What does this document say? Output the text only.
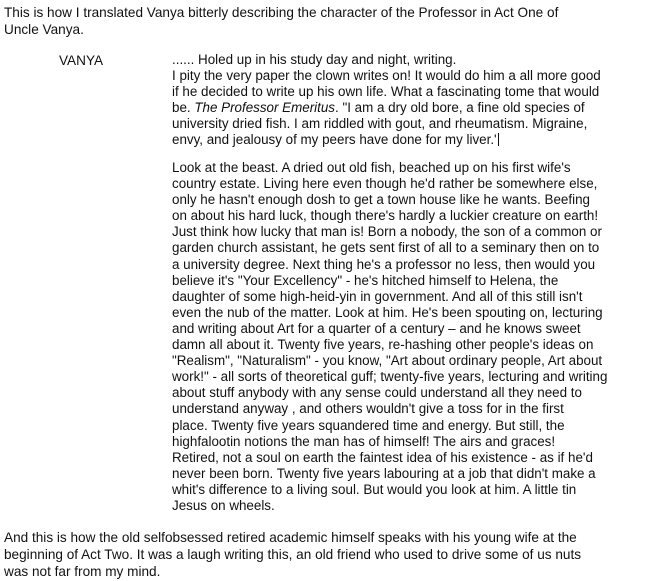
This is how I translated Vanya bitterly describing the character of the Professor in Act One of
Uncle Vanya.

VANYA	...... Holed up in his study day and night, writing.
I pity the very paper the clown writes on! It would do him a all more good
if he decided to write up his own life. What a fascinating tome that would
be. The Professor Emeritus. "I am a dry old bore, a fine old species of
university dried fish. I am riddled with gout, and rheumatism. Migraine,
envy, and jealousy of my peers have done for my liver.'

Look at the beast. A dried out old fish, beached up on his first wife's
country estate. Living here even though he'd rather be somewhere else,
only he hasn't enough dosh to get a town house like he wants. Beefing
on about his hard luck, though there's hardly a luckier creature on earth!
Just think how lucky that man is! Born a nobody, the son of a common or
garden church assistant, he gets sent first of all to a seminary then on to
a university degree. Next thing he's a professor no less, then would you
believe it's "Your Excellency" - he's hitched himself to Helena, the
daughter of some high-heid-yin in government. And all of this still isn't
even the nub of the matter. Look at him. He's been spouting on, lecturing
and writing about Art for a quarter of a century – and he knows sweet
damn all about it. Twenty five years, re-hashing other people's ideas on
"Realism", "Naturalism" - you know, "Art about ordinary people, Art about
work!" - all sorts of theoretical guff; twenty-five years, lecturing and writing
about stuff anybody with any sense could understand all they need to
understand anyway , and others wouldn't give a toss for in the first
place. Twenty five years squandered time and energy. But still, the
highfalootin notions the man has of himself! The airs and graces!
Retired, not a soul on earth the faintest idea of his existence - as if he'd
never been born. Twenty five years labouring at a job that didn't make a
whit's difference to a living soul. But would you look at him. A little tin
Jesus on wheels.

And this is how the old selfobsessed retired academic himself speaks with his young wife at the
beginning of Act Two. It was a laugh writing this, an old friend who used to drive some of us nuts
was not far from my mind.
